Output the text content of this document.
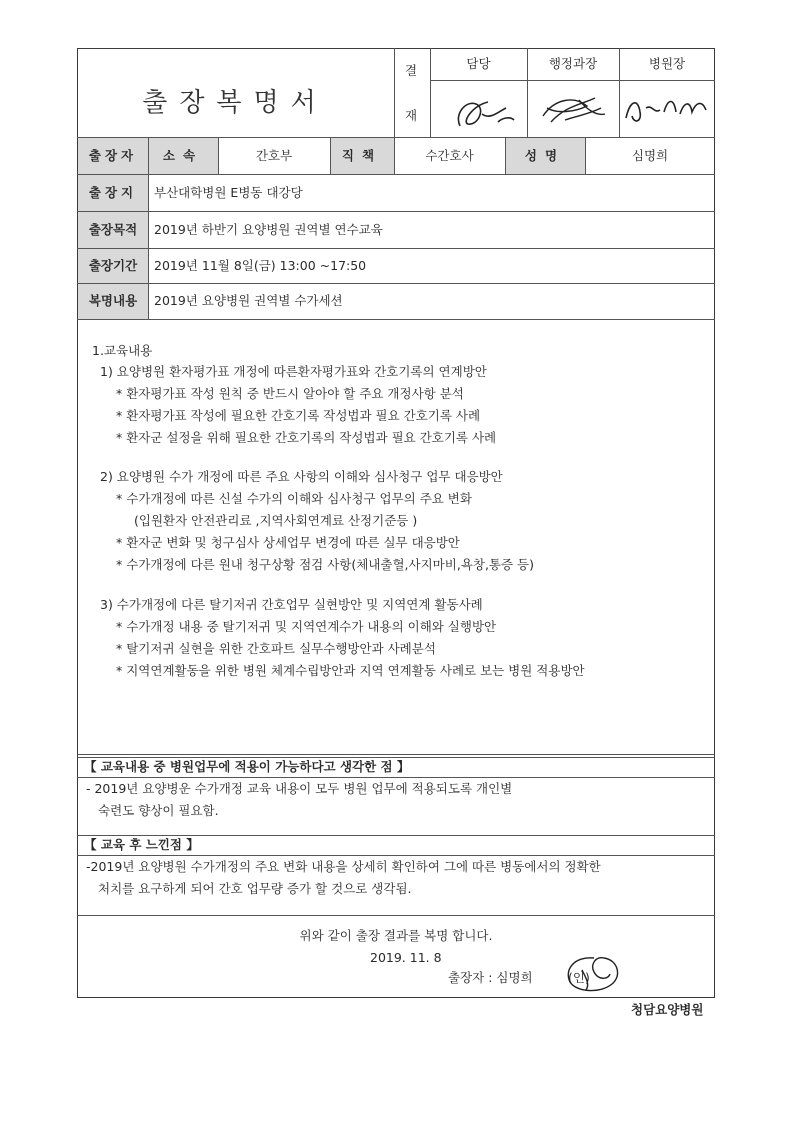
출장복명서
결
재
담당	행정과장	병원장
출장자	소속	간호부	직책	수간호사	성명	심명희
출장지	부산대학병원 E병동 대강당
출장목적	2019년 하반기 요양병원 권역별 연수교육
출장기간	2019년 11월 8일(금) 13:00 ~17:50
복명내용	2019년 요양병원 권역별 수가세션
1.교육내용
1) 요양병원 환자평가표 개정에 따른환자평가표와 간호기록의 연계방안
* 환자평가표 작성 원칙 중 반드시 알아야 할 주요 개정사항 분석
* 환자평가표 작성에 필요한 간호기록 작성법과 필요 간호기록 사례
* 환자군 설정을 위해 필요한 간호기록의 작성법과 필요 간호기록 사례
2) 요양병원 수가 개정에 따른 주요 사항의 이해와 심사청구 업무 대응방안
* 수가개정에 따른 신설 수가의 이해와 심사청구 업무의 주요 변화
(입원환자 안전관리료 ,지역사회연계료 산정기준등 )
* 환자군 변화 및 청구심사 상세업무 변경에 따른 실무 대응방안
* 수가개정에 다른 원내 청구상황 점검 사항(체내출혈,사지마비,욕창,통증 등)
3) 수가개정에 다른 탈기저귀 간호업무 실현방안 및 지역연계 활동사례
* 수가개정 내용 중 탈기저귀 및 지역연계수가 내용의 이해와 실행방안
* 탈기저귀 실현을 위한 간호파트 실무수행방안과 사례분석
* 지역연계활동을 위한 병원 체계수립방안과 지역 연계활동 사례로 보는 병원 적용방안
【 교육내용 중 병원업무에 적용이 가능하다고 생각한 점 】
- 2019년 요양병운 수가개정 교육 내용이 모두 병원 업무에 적용되도록 개인별
숙련도 향상이 필요함.
【 교육 후 느낀점 】
-2019년 요양병원 수가개정의 주요 변화 내용을 상세히 확인하여 그에 따른 병동에서의 정확한
처치를 요구하게 되어 간호 업무량 증가 할 것으로 생각됨.
위와 같이 출장 결과를 복명 합니다.
2019. 11. 8
출장자 : 심명희	(인)
청담요양병원
